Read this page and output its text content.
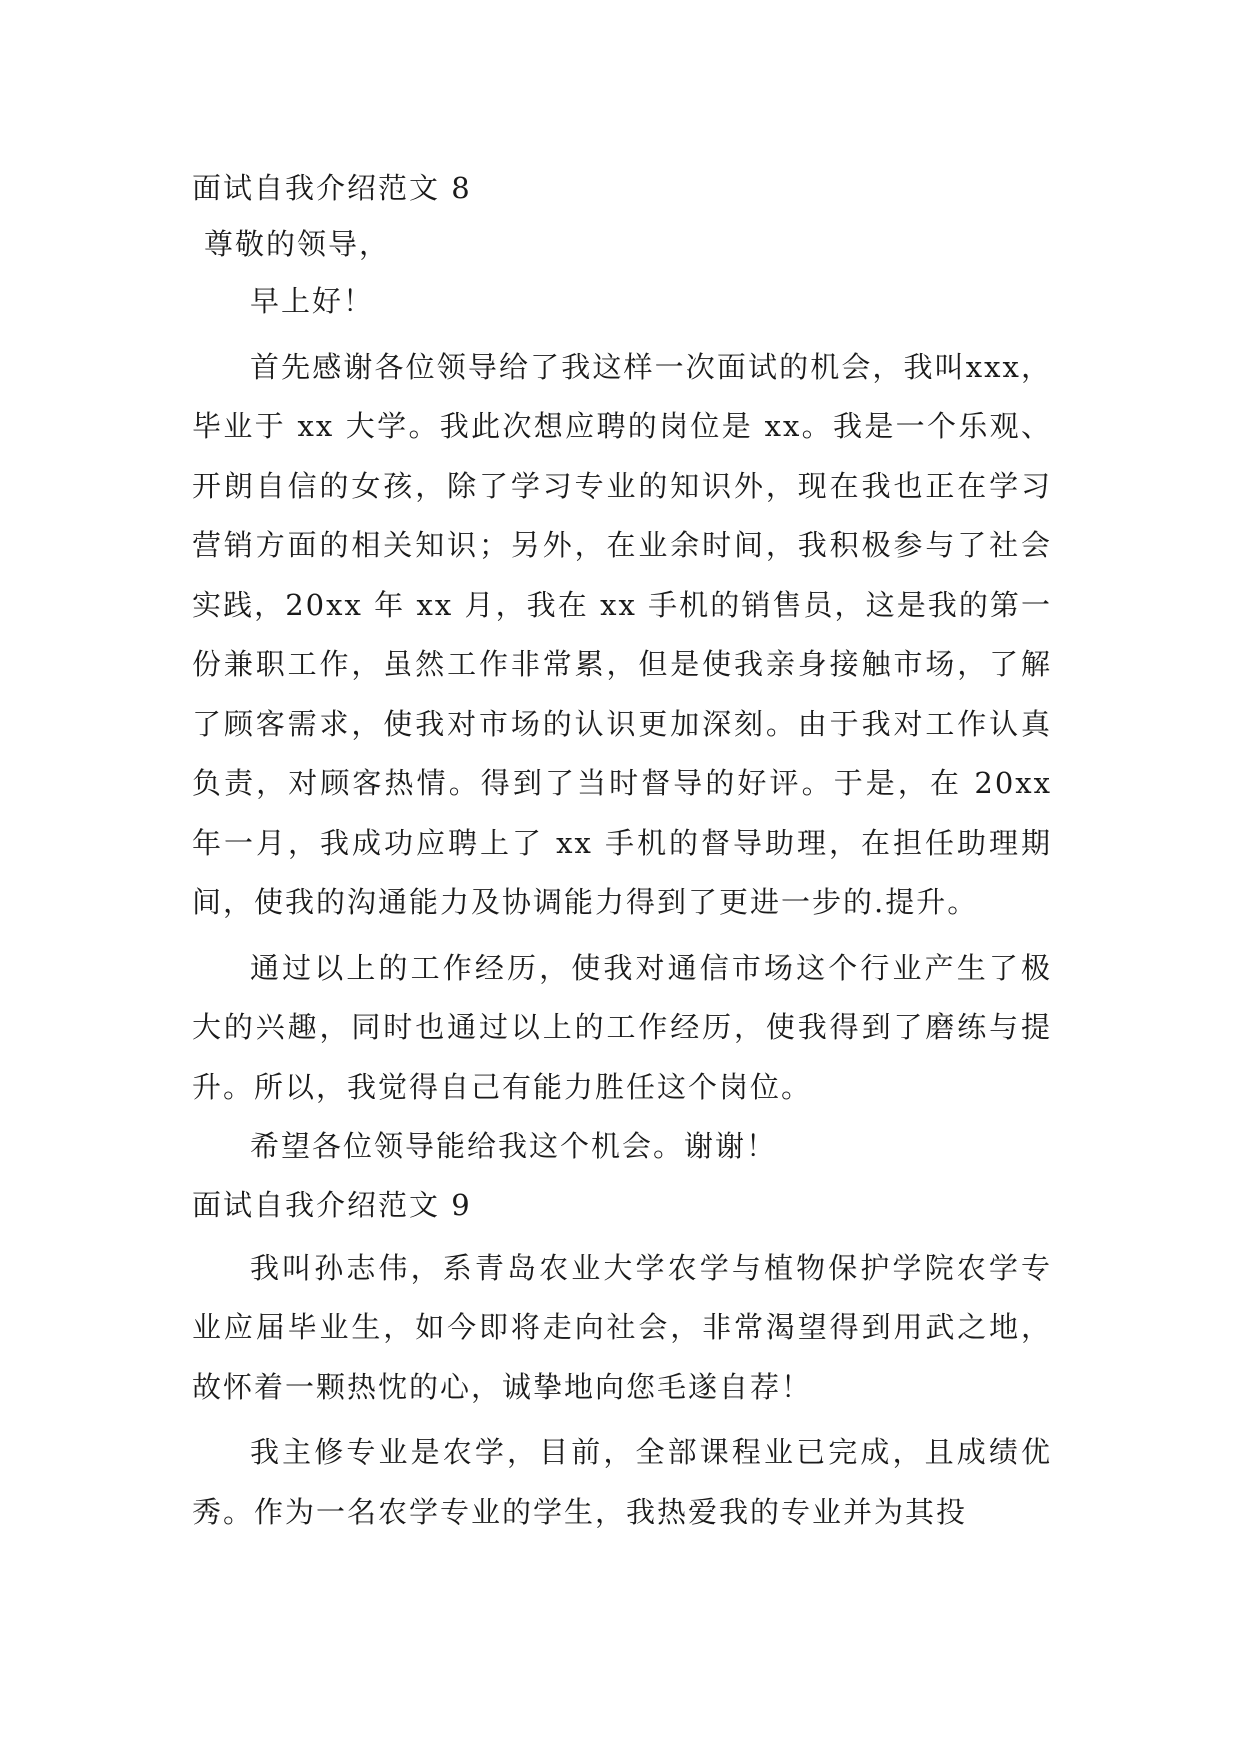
面试自我介绍范文 8
尊敬的领导，

早上好！

首先感谢各位领导给了我这样一次面试的机会，我叫xxx，毕业于 xx 大学。我此次想应聘的岗位是 xx。我是一个乐观、开朗自信的女孩，除了学习专业的知识外，现在我也正在学习营销方面的相关知识；另外，在业余时间，我积极参与了社会实践，20xx 年 xx 月，我在 xx 手机的销售员，这是我的第一份兼职工作，虽然工作非常累，但是使我亲身接触市场，了解了顾客需求，使我对市场的认识更加深刻。由于我对工作认真负责，对顾客热情。得到了当时督导的好评。于是，在 20xx 年一月，我成功应聘上了 xx 手机的督导助理，在担任助理期间，使我的沟通能力及协调能力得到了更进一步的.提升。

通过以上的工作经历，使我对通信市场这个行业产生了极大的兴趣，同时也通过以上的工作经历，使我得到了磨练与提升。所以，我觉得自己有能力胜任这个岗位。

希望各位领导能给我这个机会。谢谢！

面试自我介绍范文 9

我叫孙志伟，系青岛农业大学农学与植物保护学院农学专业应届毕业生，如今即将走向社会，非常渴望得到用武之地，故怀着一颗热忱的心，诚挚地向您毛遂自荐！

我主修专业是农学，目前，全部课程业已完成，且成绩优秀。作为一名农学专业的学生，我热爱我的专业并为其投
